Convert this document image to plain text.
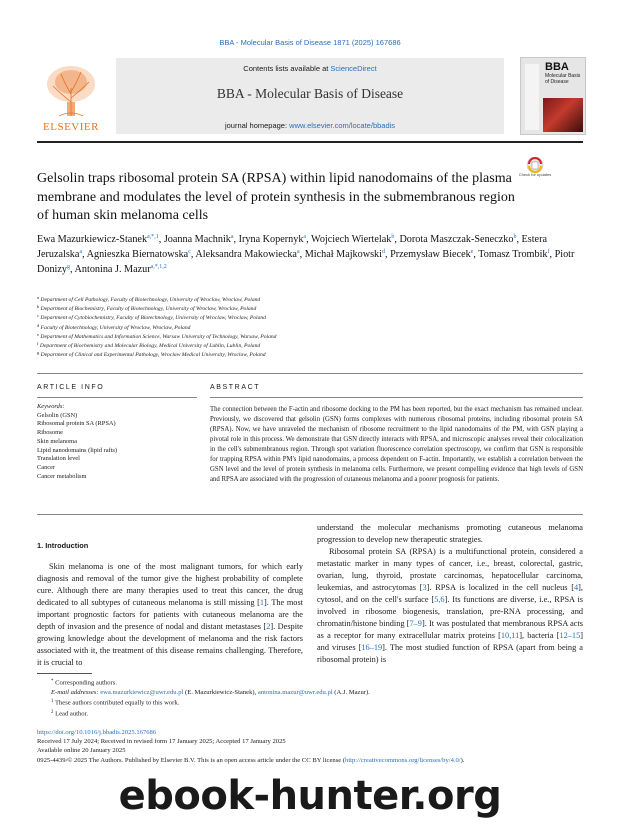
BBA - Molecular Basis of Disease 1871 (2025) 167686
Contents lists available at ScienceDirect
BBA - Molecular Basis of Disease
journal homepage: www.elsevier.com/locate/bbadis
ELSEVIER
BBA
Molecular Basis of Disease
Gelsolin traps ribosomal protein SA (RPSA) within lipid nanodomains of the plasma membrane and modulates the level of protein synthesis in the submembranous region of human skin melanoma cells
Check for updates
Ewa Mazurkiewicz-Stanek$^{a,*,1}$, Joanna Machnik$^a$, Iryna Kopernyk$^a$, Wojciech Wiertelak$^b$, Dorota Maszczak-Seneczko$^b$, Estera Jeruzalska$^a$, Agnieszka Biernatowska$^c$, Aleksandra Makowiecka$^a$, Michał Majkowski$^d$, Przemysław Biecek$^e$, Tomasz Trombik$^f$, Piotr Donizy$^g$, Antonina J. Mazur$^{a,*,1,2}$
$^a$ Department of Cell Pathology, Faculty of Biotechnology, University of Wroclaw, Wroclaw, Poland
$^b$ Department of Biochemistry, Faculty of Biotechnology, University of Wroclaw, Wroclaw, Poland
$^c$ Department of Cytobiochemistry, Faculty of Biotechnology, University of Wroclaw, Wroclaw, Poland
$^d$ Faculty of Biotechnology, University of Wroclaw, Wroclaw, Poland
$^e$ Department of Mathematics and Information Science, Warsaw University of Technology, Warsaw, Poland
$^f$ Department of Biochemistry and Molecular Biology, Medical University of Lublin, Lublin, Poland
$^g$ Department of Clinical and Experimental Pathology, Wroclaw Medical University, Wroclaw, Poland
ARTICLE INFO	ABSTRACT
Keywords:
Gelsolin (GSN)
Ribosomal protein SA (RPSA)
Ribosome
Skin melanoma
Lipid nanodomains (lipid rafts)
Translation level
Cancer
Cancer metabolism
The connection between the F-actin and ribosome docking to the PM has been reported, but the exact mechanism has remained unclear. Previously, we discovered that gelsolin (GSN) forms complexes with numerous ribosomal proteins, including ribosomal protein SA (RPSA). Now, we have unraveled the mechanism of ribosome recruitment to the lipid nanodomains of the PM, with GSN playing a pivotal role in this process. We demonstrate that GSN directly interacts with RPSA, and microscopic analyses reveal their colocalization in the cell's submembranous region. Through spot variation fluorescence correlation spectroscopy, we confirm that GSN is responsible for trapping RPSA within PM's lipid nanodomains, a process dependent on F-actin. Importantly, we establish a correlation between the GSN level and the level of protein synthesis in melanoma cells. Furthermore, we present compelling evidence that high levels of GSN and RPSA are associated with the progression of cutaneous melanoma and a poorer prognosis for patients.
1. Introduction

Skin melanoma is one of the most malignant tumors, for which early diagnosis and removal of the tumor give the highest probability of complete cure. Although there are many therapies used to treat this cancer, the drug dedicated to all subtypes of cutaneous melanoma is still missing [1]. The most important prognostic factors for patients with cutaneous melanoma are the depth of invasion and the presence of nodal and distant metastases [2]. Despite growing knowledge about the development of melanoma and the risk factors associated with it, the treatment of this disease remains challenging. Therefore, it is crucial to

understand the molecular mechanisms promoting cutaneous melanoma progression to develop new therapeutic strategies.

Ribosomal protein SA (RPSA) is a multifunctional protein, considered a metastatic marker in many types of cancer, i.e., breast, colorectal, gastric, ovarian, lung, thyroid, prostate carcinomas, hepatocellular carcinoma, leukemias, and astrocytomas [3]. RPSA is localized in the cell nucleus [4], cytosol, and on the cell's surface [5,6]. Its functions are diverse, i.e., RPSA is involved in ribosome biogenesis, translation, pre-RNA processing, and chromatin/histone binding [7–9]. It was postulated that membranous RPSA acts as a receptor for many extracellular matrix proteins [10,11], bacteria [12–15] and viruses [16–19]. The most studied function of RPSA (apart from being a ribosomal protein) is

* Corresponding authors.

E-mail addresses: ewa.mazurkiewicz@uwr.edu.pl (E. Mazurkiewicz-Stanek), antonina.mazur@uwr.edu.pl (A.J. Mazur).

$^1$ These authors contributed equally to this work.

$^2$ Lead author.

https://doi.org/10.1016/j.bbadis.2025.167686

Received 17 July 2024; Received in revised form 17 January 2025; Accepted 17 January 2025

Available online 20 January 2025

0925-4439/© 2025 The Authors. Published by Elsevier B.V. This is an open access article under the CC BY license (http://creativecommons.org/licenses/by/4.0/).

ebook-hunter.org
